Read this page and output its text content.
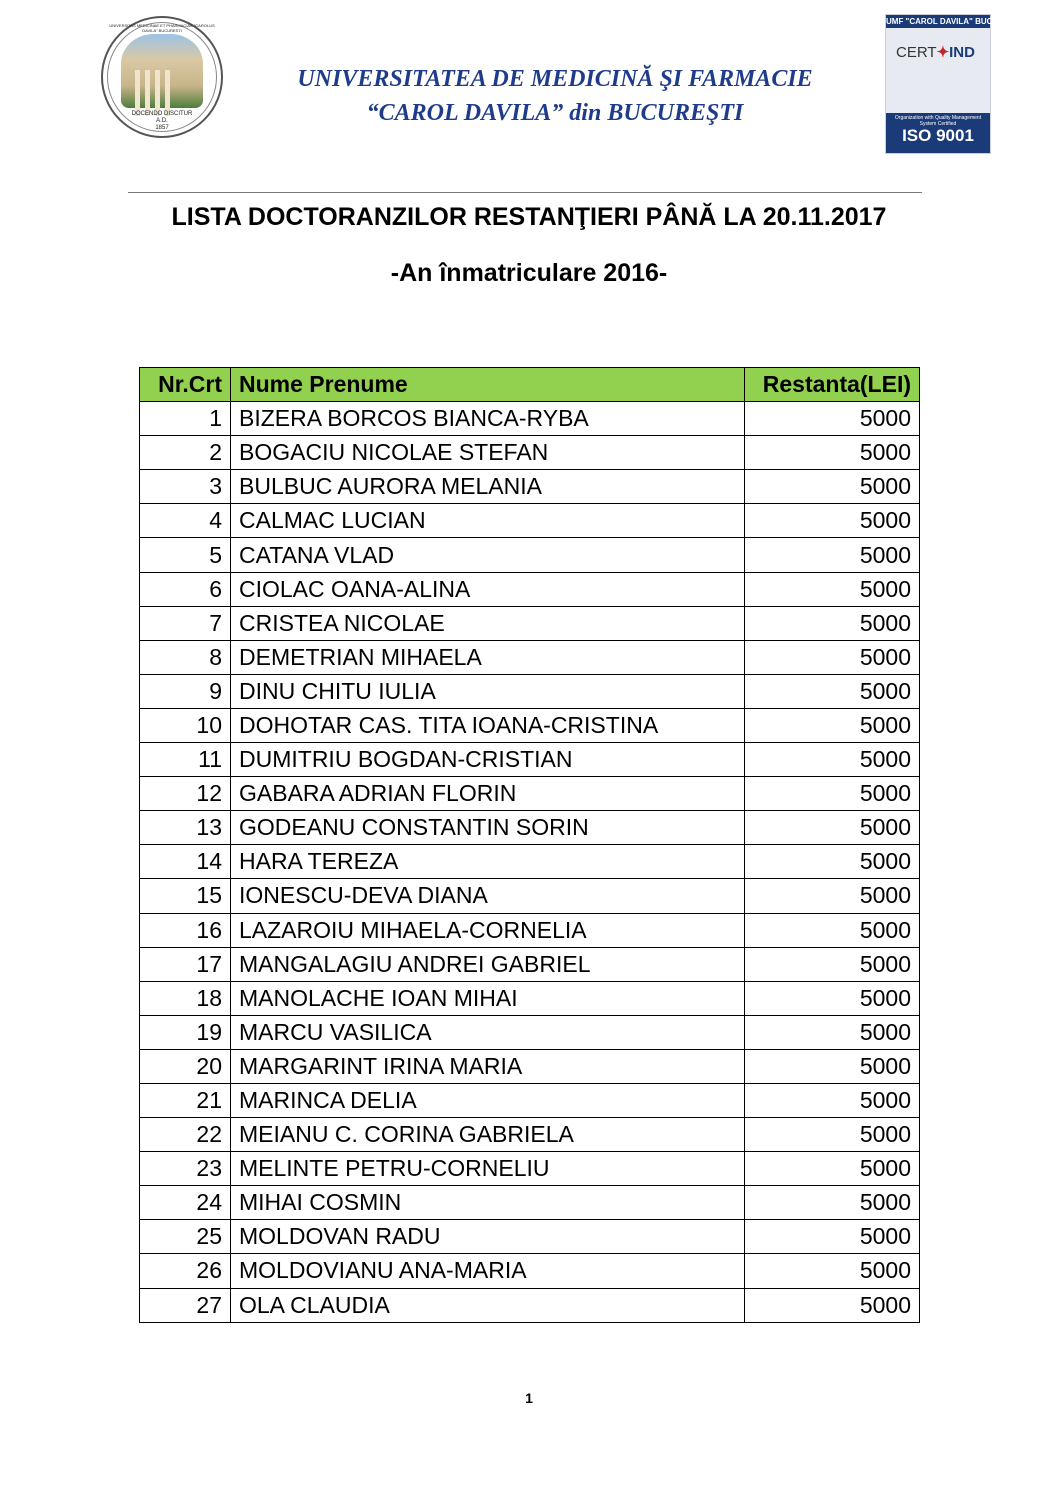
UNIVERSITAS MEDICINAE ET PHARMACIAE "CAROLUS DAVILA" BUCURESTI
DOCENDO DISCITUR
A.D.
1857
UNIVERSITATEA DE MEDICINĂ ŞI FARMACIE
“CAROL DAVILA” din BUCUREŞTI
UMF "CAROL DAVILA" BUCUREŞTI
CERT✦IND
Organization with Quality Management System Certified
ISO 9001
LISTA DOCTORANZILOR RESTANŢIERI PÂNĂ LA 20.11.2017
-An înmatriculare 2016-
Nr.Crt	Nume Prenume	Restanta(LEI)
1	BIZERA BORCOS BIANCA-RYBA	5000
2	BOGACIU NICOLAE STEFAN	5000
3	BULBUC AURORA MELANIA	5000
4	CALMAC LUCIAN	5000
5	CATANA VLAD	5000
6	CIOLAC OANA-ALINA	5000
7	CRISTEA NICOLAE	5000
8	DEMETRIAN MIHAELA	5000
9	DINU CHITU IULIA	5000
10	DOHOTAR CAS. TITA IOANA-CRISTINA	5000
11	DUMITRIU BOGDAN-CRISTIAN	5000
12	GABARA ADRIAN FLORIN	5000
13	GODEANU CONSTANTIN SORIN	5000
14	HARA TEREZA	5000
15	IONESCU-DEVA DIANA	5000
16	LAZAROIU MIHAELA-CORNELIA	5000
17	MANGALAGIU ANDREI GABRIEL	5000
18	MANOLACHE IOAN MIHAI	5000
19	MARCU VASILICA	5000
20	MARGARINT IRINA MARIA	5000
21	MARINCA DELIA	5000
22	MEIANU C. CORINA GABRIELA	5000
23	MELINTE PETRU-CORNELIU	5000
24	MIHAI COSMIN	5000
25	MOLDOVAN RADU	5000
26	MOLDOVIANU ANA-MARIA	5000
27	OLA CLAUDIA	5000
1
